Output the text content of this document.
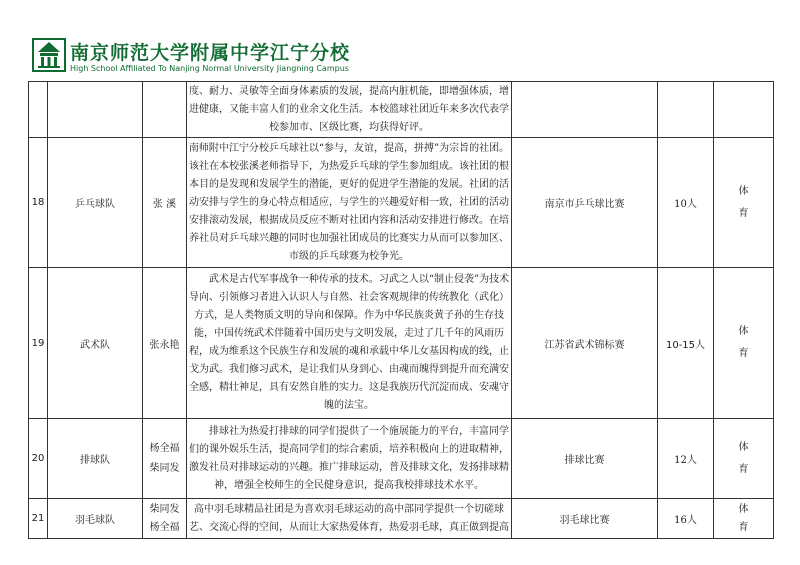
南京师范大学附属中学江宁分校
High School Affiliated To Nanjing Normal University Jiangning Campus

			度、耐力、灵敏等全面身体素质的发展，提高内脏机能，即增强体质，增进健康，又能丰富人们的业余文化生活。本校篮球社团近年来多次代表学校参加市、区级比赛，均获得好评。			

18	乒乓球队	张 溪	南师附中江宁分校乒乓球社以“参与，友谊，提高，拼搏”为宗旨的社团。该社在本校张溪老师指导下，为热爱乒乓球的学生参加组成。该社团的根本目的是发现和发展学生的潜能，更好的促进学生潜能的发展。社团的活动安排与学生的身心特点相适应，与学生的兴趣爱好相一致，社团的活动安排滚动发展，根据成员反应不断对社团内容和活动安排进行修改。在培养社员对乒乓球兴趣的同时也加强社团成员的比赛实力从而可以参加区、市级的乒乓球赛为校争光。	南京市乒乓球比赛	10人	体育
19	武术队	张永艳	武术是古代军事战争一种传承的技术。习武之人以“制止侵袭”为技术导向、引领修习者进入认识人与自然、社会客观规律的传统教化（武化）方式，是人类物质文明的导向和保障。作为中华民族炎黄子孙的生存技能，中国传统武术伴随着中国历史与文明发展，走过了几千年的风雨历程，成为维系这个民族生存和发展的魂和承载中华儿女基因构成的线，止戈为武。我们修习武术，是让我们从身到心、由魂而魄得到提升而充满安全感，精壮神足，具有安然自胜的实力。这是我族历代沉淀而成、安魂守魄的法宝。	江苏省武术锦标赛	10-15人	体育
20	排球队	杨全福 柴同发	排球社为热爱打排球的同学们提供了一个施展能力的平台，丰富同学们的课外娱乐生活，提高同学们的综合素质，培养积极向上的进取精神，激发社员对排球运动的兴趣。推广排球运动，普及排球文化，发扬排球精神，增强全校师生的全民健身意识，提高我校排球技术水平。	排球比赛	12人	体育
21	羽毛球队	柴同发 杨全福	高中羽毛球精品社团是为喜欢羽毛球运动的高中部同学提供一个切磋球艺、交流心得的空间，从而让大家热爱体育，热爱羽毛球，真正做到提高	羽毛球比赛	16人	体育
